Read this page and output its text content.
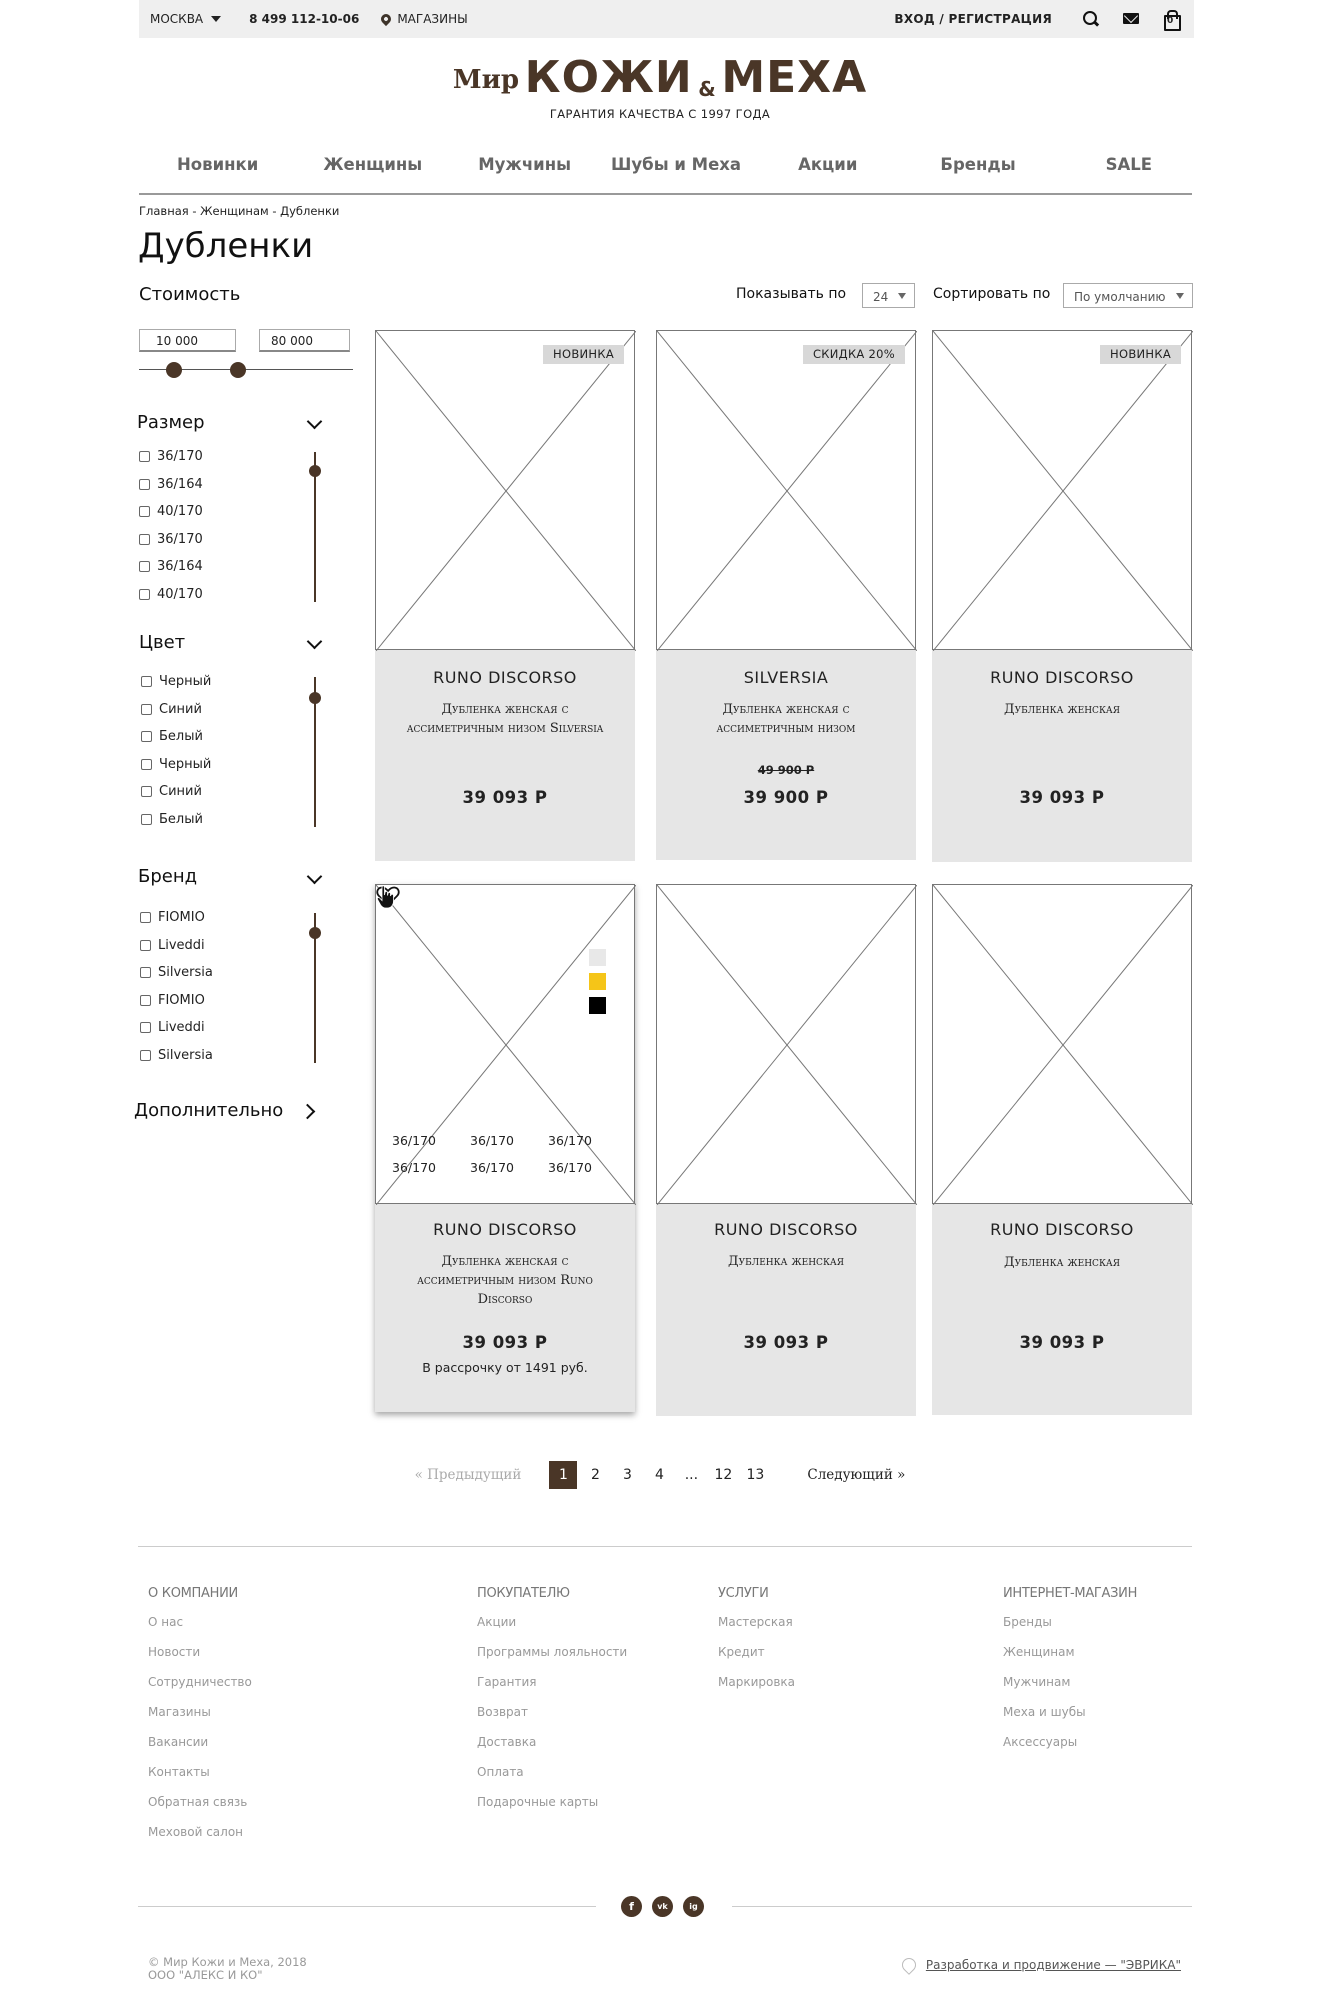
МОСКВА	8 499 112-10-06	МАГАЗИНЫ	ВХОД / РЕГИСТРАЦИЯ	0
Мир КОЖИ & МЕХА
ГАРАНТИЯ КАЧЕСТВА С 1997 ГОДА
Новинки	Женщины	Мужчины Шубы и Меха	Акции	Бренды	SALE
Главная - Женщинам - Дубленки
Дубленки
Стоимость
10 000	80 000
Размер
36/170
36/164
40/170
36/170
36/164
40/170
Цвет
Черный
Синий
Белый
Черный
Синий
Белый
Бренд
FIOMIO
Liveddi
Silversia
FIOMIO
Liveddi
Silversia
Дополнительно
Показывать по	24	Сортировать по	По умолчанию
НОВИНКА
RUNO DISCORSO
Дубленка женская с ассиметричным низом Silversia
39 093 Р
СКИДКА 20%
SILVERSIA
Дубленка женская с ассиметричным низом
49 900 Р
39 900 Р
НОВИНКА
RUNO DISCORSO
Дубленка женская
39 093 Р
36/170	36/170	36/170
36/170	36/170	36/170
RUNO DISCORSO
Дубленка женская с ассиметричным низом Runo Discorso
39 093 Р
В рассрочку от 1491 руб.
RUNO DISCORSO
Дубленка женская
39 093 Р
RUNO DISCORSO
Дубленка женская
39 093 Р
« Предыдущий	1	2	3	4	...	12	13	Следующий »
О КОМПАНИИ
О нас
Новости
Сотрудничество
Магазины
Вакансии
Контакты
Обратная связь
Меховой салон
ПОКУПАТЕЛЮ
Акции
Программы лояльности
Гарантия
Возврат
Доставка
Оплата
Подарочные карты
УСЛУГИ
Мастерская
Кредит
Маркировка
ИНТЕРНЕТ-МАГАЗИН
Бренды
Женщинам
Мужчинам
Меха и шубы
Аксессуары
f	vk	ig
© Мир Кожи и Меха, 2018
ООО "АЛЕКС И КО"
Разработка и продвижение — "ЭВРИКА"
